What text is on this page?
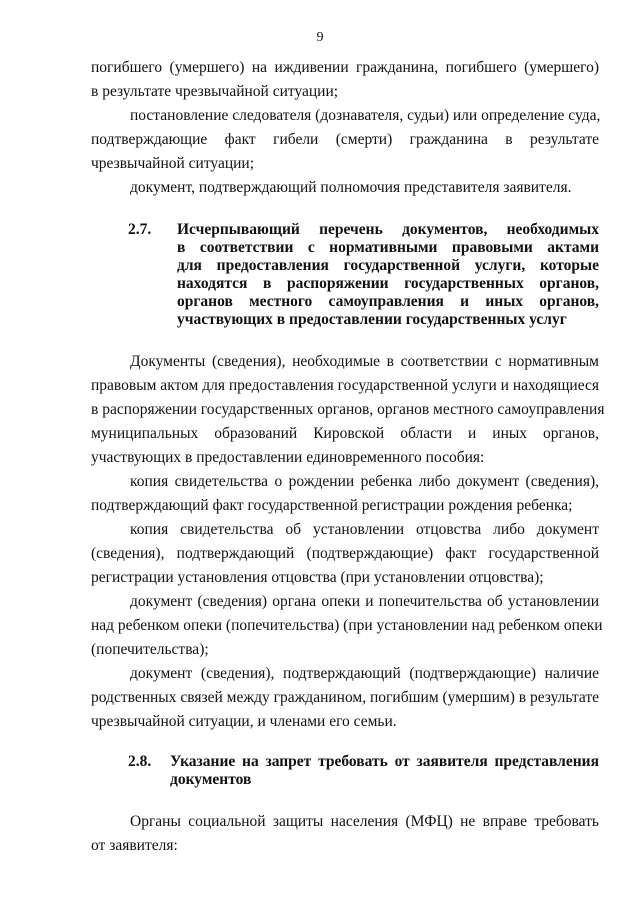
9
погибшего (умершего) на иждивении гражданина, погибшего (умершего)
в результате чрезвычайной ситуации;
постановление следователя (дознавателя, судьи) или определение суда,
подтверждающие факт гибели (смерти) гражданина в результате
чрезвычайной ситуации;
документ, подтверждающий полномочия представителя заявителя.
2.7. Исчерпывающий перечень документов, необходимых
в соответствии с нормативными правовыми актами
для предоставления государственной услуги, которые
находятся в распоряжении государственных органов,
органов местного самоуправления и иных органов,
участвующих в предоставлении государственных услуг
Документы (сведения), необходимые в соответствии с нормативным
правовым актом для предоставления государственной услуги и находящиеся
в распоряжении государственных органов, органов местного самоуправления
муниципальных образований Кировской области и иных органов,
участвующих в предоставлении единовременного пособия:
копия свидетельства о рождении ребенка либо документ (сведения),
подтверждающий факт государственной регистрации рождения ребенка;
копия свидетельства об установлении отцовства либо документ
(сведения), подтверждающий (подтверждающие) факт государственной
регистрации установления отцовства (при установлении отцовства);
документ (сведения) органа опеки и попечительства об установлении
над ребенком опеки (попечительства) (при установлении над ребенком опеки
(попечительства);
документ (сведения), подтверждающий (подтверждающие) наличие
родственных связей между гражданином, погибшим (умершим) в результате
чрезвычайной ситуации, и членами его семьи.
2.8. Указание на запрет требовать от заявителя представления
документов
Органы социальной защиты населения (МФЦ) не вправе требовать
от заявителя:
